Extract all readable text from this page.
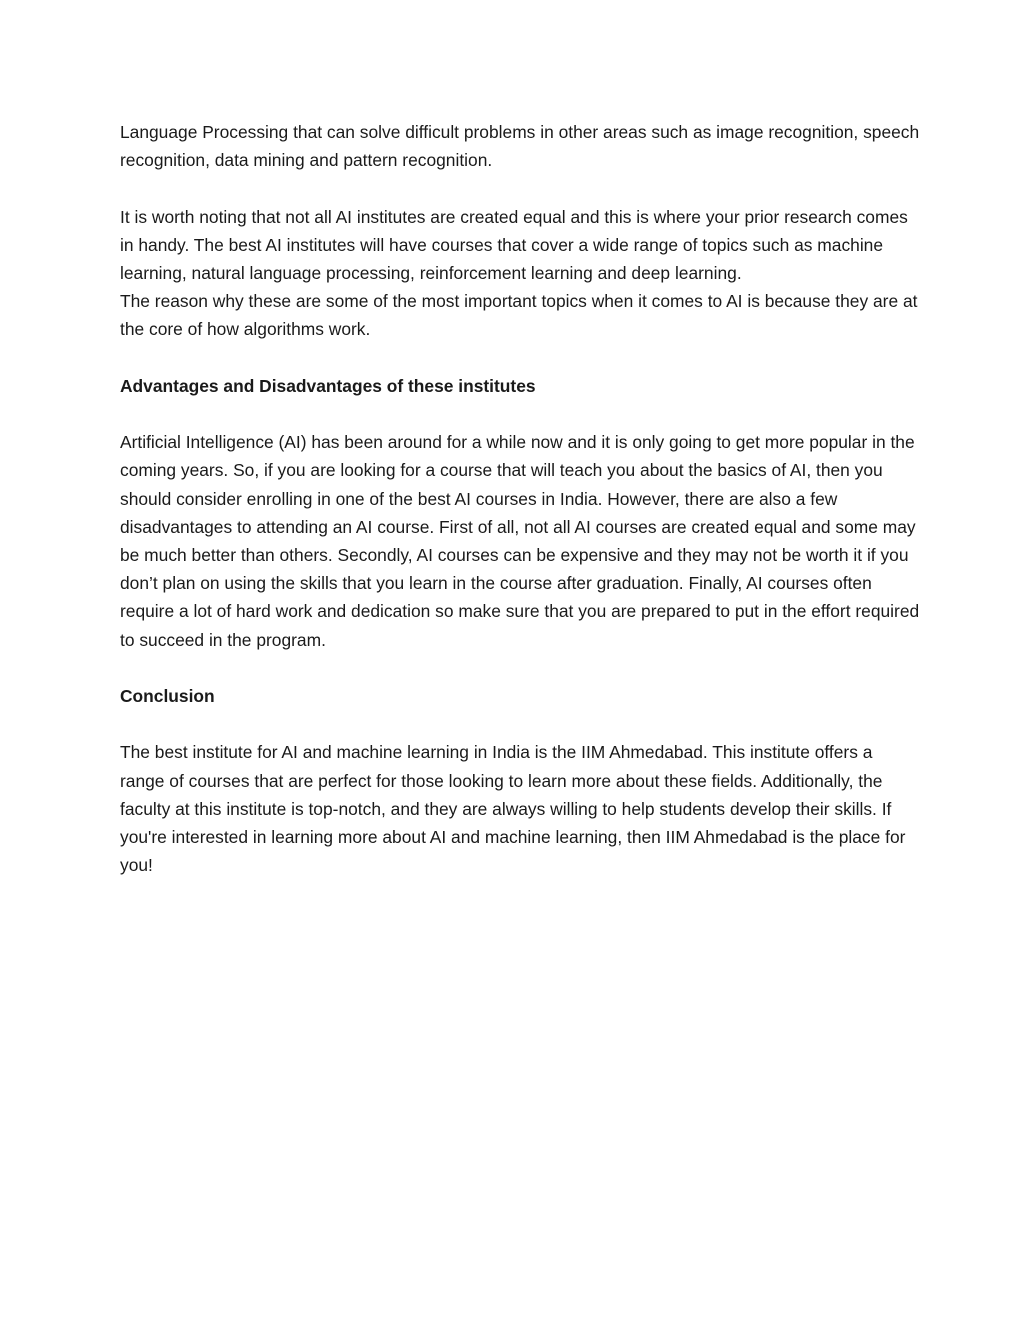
Language Processing that can solve difficult problems in other areas such as image recognition, speech recognition, data mining and pattern recognition.

It is worth noting that not all AI institutes are created equal and this is where your prior research comes in handy. The best AI institutes will have courses that cover a wide range of topics such as machine learning, natural language processing, reinforcement learning and deep learning.

The reason why these are some of the most important topics when it comes to AI is because they are at the core of how algorithms work.

Advantages and Disadvantages of these institutes

Artificial Intelligence (AI) has been around for a while now and it is only going to get more popular in the coming years. So, if you are looking for a course that will teach you about the basics of AI, then you should consider enrolling in one of the best AI courses in India. However, there are also a few disadvantages to attending an AI course. First of all, not all AI courses are created equal and some may be much better than others. Secondly, AI courses can be expensive and they may not be worth it if you don’t plan on using the skills that you learn in the course after graduation. Finally, AI courses often require a lot of hard work and dedication so make sure that you are prepared to put in the effort required to succeed in the program.

Conclusion

The best institute for AI and machine learning in India is the IIM Ahmedabad. This institute offers a range of courses that are perfect for those looking to learn more about these fields. Additionally, the faculty at this institute is top-notch, and they are always willing to help students develop their skills. If you're interested in learning more about AI and machine learning, then IIM Ahmedabad is the place for you!
